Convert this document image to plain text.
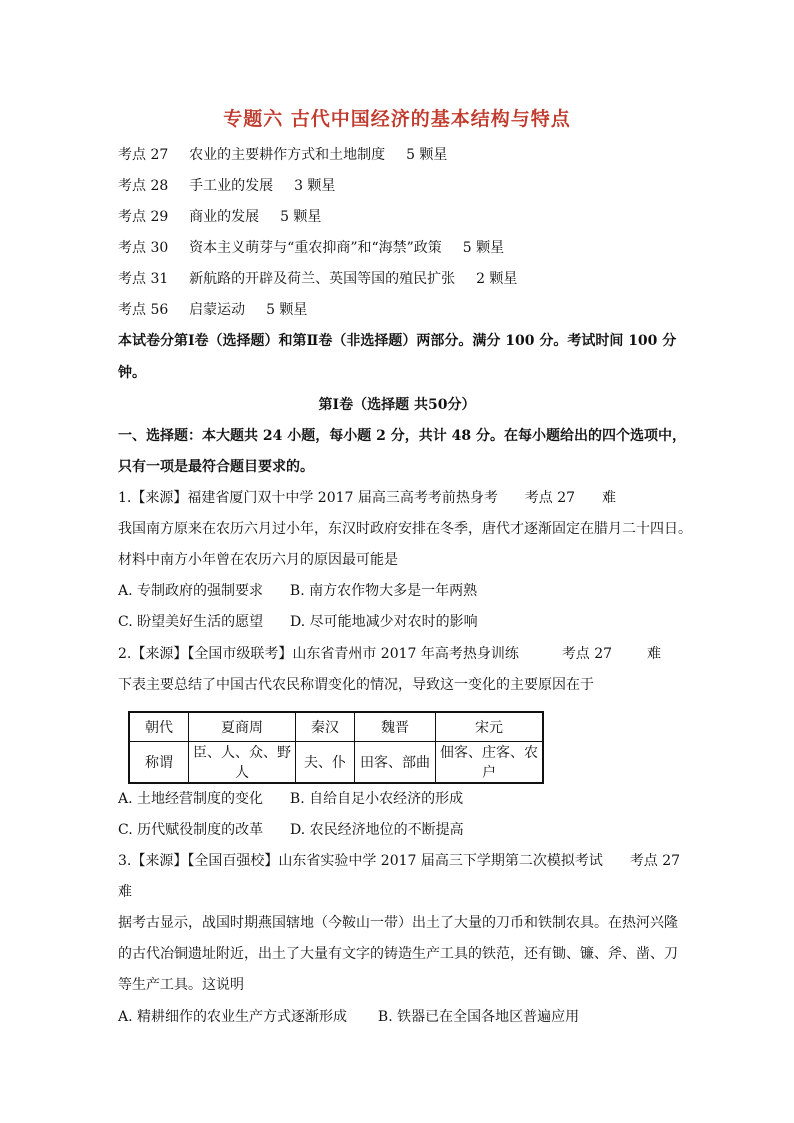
专题六 古代中国经济的基本结构与特点
考点 27 农业的主要耕作方式和土地制度 5 颗星
考点 28 手工业的发展 3 颗星
考点 29 商业的发展 5 颗星
考点 30 资本主义萌芽与“重农抑商”和“海禁”政策 5 颗星
考点 31 新航路的开辟及荷兰、英国等国的殖民扩张 2 颗星
考点 56 启蒙运动 5 颗星
本试卷分第Ⅰ卷（选择题）和第Ⅱ卷（非选择题）两部分。满分 100 分。考试时间 100 分
钟。
第Ⅰ卷（选择题 共50分）
一、选择题：本大题共 24 小题，每小题 2 分，共计 48 分。在每小题给出的四个选项中，
只有一项是最符合题目要求的。
1.【来源】福建省厦门双十中学 2017 届高三高考考前热身考 考点 27 难
我国南方原来在农历六月过小年，东汉时政府安排在冬季，唐代才逐渐固定在腊月二十四日。
材料中南方小年曾在农历六月的原因最可能是
A. 专制政府的强制要求 B. 南方农作物大多是一年两熟
C. 盼望美好生活的愿望 D. 尽可能地减少对农时的影响
2.【来源】【全国市级联考】山东省青州市 2017 年高考热身训练	考点 27 难
下表主要总结了中国古代农民称谓变化的情况，导致这一变化的主要原因在于
朝代	夏商周	秦汉	魏晋	宋元
称谓	臣、人、众、野人	夫、仆	田客、部曲	佃客、庄客、农户
A. 土地经营制度的变化 B. 自给自足小农经济的形成
C. 历代赋役制度的改革 D. 农民经济地位的不断提高
3.【来源】【全国百强校】山东省实验中学 2017 届高三下学期第二次模拟考试 考点 27
难
据考古显示，战国时期燕国辖地（今鞍山一带）出土了大量的刀币和铁制农具。在热河兴隆
的古代冶铜遗址附近，出土了大量有文字的铸造生产工具的铁范，还有锄、镰、斧、凿、刀
等生产工具。这说明
A. 精耕细作的农业生产方式逐渐形成 B. 铁器已在全国各地区普遍应用
